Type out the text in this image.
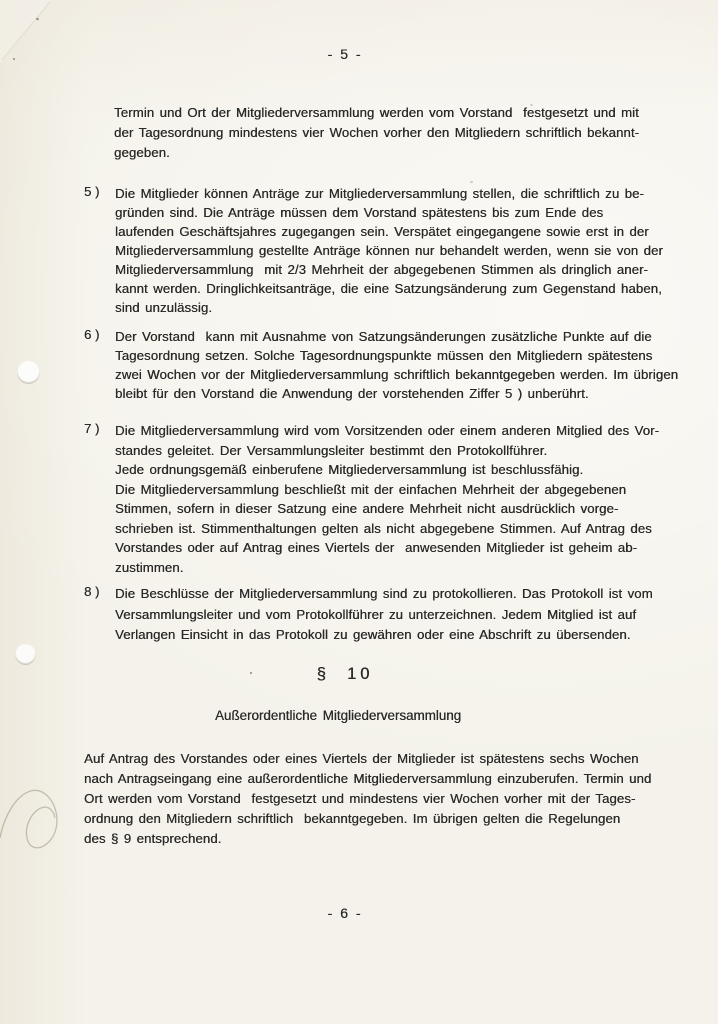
- 5 -
Termin und Ort der Mitgliederversammlung werden vom Vorstand  festgesetzt und mit
der Tagesordnung mindestens vier Wochen vorher den Mitgliedern schriftlich bekannt-
gegeben.
5 )	Die Mitglieder können Anträge zur Mitgliederversammlung stellen, die schriftlich zu be-
gründen sind. Die Anträge müssen dem Vorstand spätestens bis zum Ende des
laufenden Geschäftsjahres zugegangen sein. Verspätet eingegangene sowie erst in der
Mitgliederversammlung gestellte Anträge können nur behandelt werden, wenn sie von der
Mitgliederversammlung  mit 2/3 Mehrheit der abgegebenen Stimmen als dringlich aner-
kannt werden. Dringlichkeitsanträge, die eine Satzungsänderung zum Gegenstand haben,
sind unzulässig.
6 )	Der Vorstand  kann mit Ausnahme von Satzungsänderungen zusätzliche Punkte auf die
Tagesordnung setzen. Solche Tagesordnungspunkte müssen den Mitgliedern spätestens
zwei Wochen vor der Mitgliederversammlung schriftlich bekanntgegeben werden. Im übrigen
bleibt für den Vorstand die Anwendung der vorstehenden Ziffer 5 ) unberührt.
7 )	Die Mitgliederversammlung wird vom Vorsitzenden oder einem anderen Mitglied des Vor-
standes geleitet. Der Versammlungsleiter bestimmt den Protokollführer.
Jede ordnungsgemäß einberufene Mitgliederversammlung ist beschlussfähig.
Die Mitgliederversammlung beschließt mit der einfachen Mehrheit der abgegebenen
Stimmen, sofern in dieser Satzung eine andere Mehrheit nicht ausdrücklich vorge-
schrieben ist. Stimmenthaltungen gelten als nicht abgegebene Stimmen. Auf Antrag des
Vorstandes oder auf Antrag eines Viertels der  anwesenden Mitglieder ist geheim ab-
zustimmen.
8 )	Die Beschlüsse der Mitgliederversammlung sind zu protokollieren. Das Protokoll ist vom
Versammlungsleiter und vom Protokollführer zu unterzeichnen. Jedem Mitglied ist auf
Verlangen Einsicht in das Protokoll zu gewähren oder eine Abschrift zu übersenden.
§  10
Außerordentliche Mitgliederversammlung
Auf Antrag des Vorstandes oder eines Viertels der Mitglieder ist spätestens sechs Wochen
nach Antragseingang eine außerordentliche Mitgliederversammlung einzuberufen. Termin und
Ort werden vom Vorstand  festgesetzt und mindestens vier Wochen vorher mit der Tages-
ordnung den Mitgliedern schriftlich  bekanntgegeben. Im übrigen gelten die Regelungen
des § 9 entsprechend.
- 6 -
